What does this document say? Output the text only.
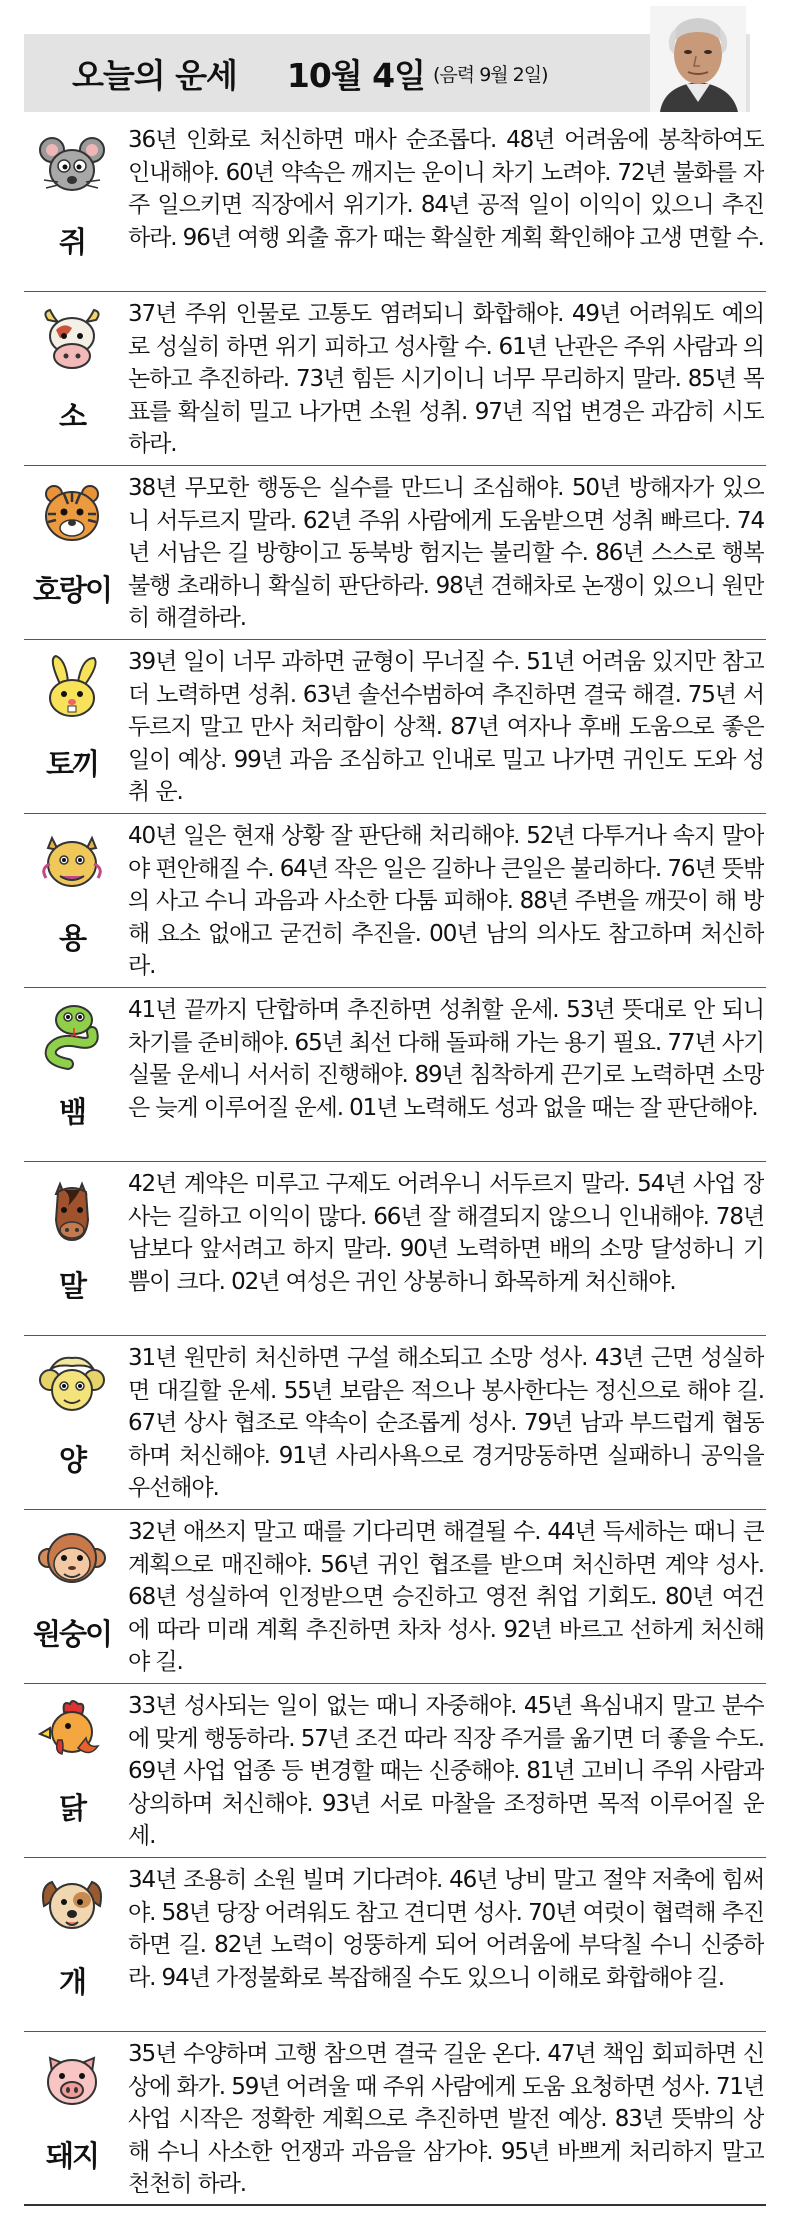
오늘의 운세 10월 4일 (음력 9월 2일)
쥐
36년 인화로 처신하면 매사 순조롭다. 48년 어려움에 봉착하여도 인내해야. 60년 약속은 깨지는 운이니 차기 노려야. 72년 불화를 자주 일으키면 직장에서 위기가. 84년 공적 일이 이익이 있으니 추진하라. 96년 여행 외출 휴가 때는 확실한 계획 확인해야 고생 면할 수.
소
37년 주위 인물로 고통도 염려되니 화합해야. 49년 어려워도 예의로 성실히 하면 위기 피하고 성사할 수. 61년 난관은 주위 사람과 의논하고 추진하라. 73년 힘든 시기이니 너무 무리하지 말라. 85년 목표를 확실히 밀고 나가면 소원 성취. 97년 직업 변경은 과감히 시도하라.
호랑이
38년 무모한 행동은 실수를 만드니 조심해야. 50년 방해자가 있으니 서두르지 말라. 62년 주위 사람에게 도움받으면 성취 빠르다. 74년 서남은 길 방향이고 동북방 험지는 불리할 수. 86년 스스로 행복 불행 초래하니 확실히 판단하라. 98년 견해차로 논쟁이 있으니 원만히 해결하라.
토끼
39년 일이 너무 과하면 균형이 무너질 수. 51년 어려움 있지만 참고 더 노력하면 성취. 63년 솔선수범하여 추진하면 결국 해결. 75년 서두르지 말고 만사 처리함이 상책. 87년 여자나 후배 도움으로 좋은 일이 예상. 99년 과음 조심하고 인내로 밀고 나가면 귀인도 도와 성취 운.
용
40년 일은 현재 상황 잘 판단해 처리해야. 52년 다투거나 속지 말아야 편안해질 수. 64년 작은 일은 길하나 큰일은 불리하다. 76년 뜻밖의 사고 수니 과음과 사소한 다툼 피해야. 88년 주변을 깨끗이 해 방해 요소 없애고 굳건히 추진을. 00년 남의 의사도 참고하며 처신하라.
뱀
41년 끝까지 단합하며 추진하면 성취할 운세. 53년 뜻대로 안 되니 차기를 준비해야. 65년 최선 다해 돌파해 가는 용기 필요. 77년 사기 실물 운세니 서서히 진행해야. 89년 침착하게 끈기로 노력하면 소망은 늦게 이루어질 운세. 01년 노력해도 성과 없을 때는 잘 판단해야.
말
42년 계약은 미루고 구제도 어려우니 서두르지 말라. 54년 사업 장사는 길하고 이익이 많다. 66년 잘 해결되지 않으니 인내해야. 78년 남보다 앞서려고 하지 말라. 90년 노력하면 배의 소망 달성하니 기쁨이 크다. 02년 여성은 귀인 상봉하니 화목하게 처신해야.
양
31년 원만히 처신하면 구설 해소되고 소망 성사. 43년 근면 성실하면 대길할 운세. 55년 보람은 적으나 봉사한다는 정신으로 해야 길. 67년 상사 협조로 약속이 순조롭게 성사. 79년 남과 부드럽게 협동하며 처신해야. 91년 사리사욕으로 경거망동하면 실패하니 공익을 우선해야.
원숭이
32년 애쓰지 말고 때를 기다리면 해결될 수. 44년 득세하는 때니 큰 계획으로 매진해야. 56년 귀인 협조를 받으며 처신하면 계약 성사. 68년 성실하여 인정받으면 승진하고 영전 취업 기회도. 80년 여건에 따라 미래 계획 추진하면 차차 성사. 92년 바르고 선하게 처신해야 길.
닭
33년 성사되는 일이 없는 때니 자중해야. 45년 욕심내지 말고 분수에 맞게 행동하라. 57년 조건 따라 직장 주거를 옮기면 더 좋을 수도. 69년 사업 업종 등 변경할 때는 신중해야. 81년 고비니 주위 사람과 상의하며 처신해야. 93년 서로 마찰을 조정하면 목적 이루어질 운세.
개
34년 조용히 소원 빌며 기다려야. 46년 낭비 말고 절약 저축에 힘써야. 58년 당장 어려워도 참고 견디면 성사. 70년 여럿이 협력해 추진하면 길. 82년 노력이 엉뚱하게 되어 어려움에 부닥칠 수니 신중하라. 94년 가정불화로 복잡해질 수도 있으니 이해로 화합해야 길.
돼지
35년 수양하며 고행 참으면 결국 길운 온다. 47년 책임 회피하면 신상에 화가. 59년 어려울 때 주위 사람에게 도움 요청하면 성사. 71년 사업 시작은 정확한 계획으로 추진하면 발전 예상. 83년 뜻밖의 상해 수니 사소한 언쟁과 과음을 삼가야. 95년 바쁘게 처리하지 말고 천천히 하라.
